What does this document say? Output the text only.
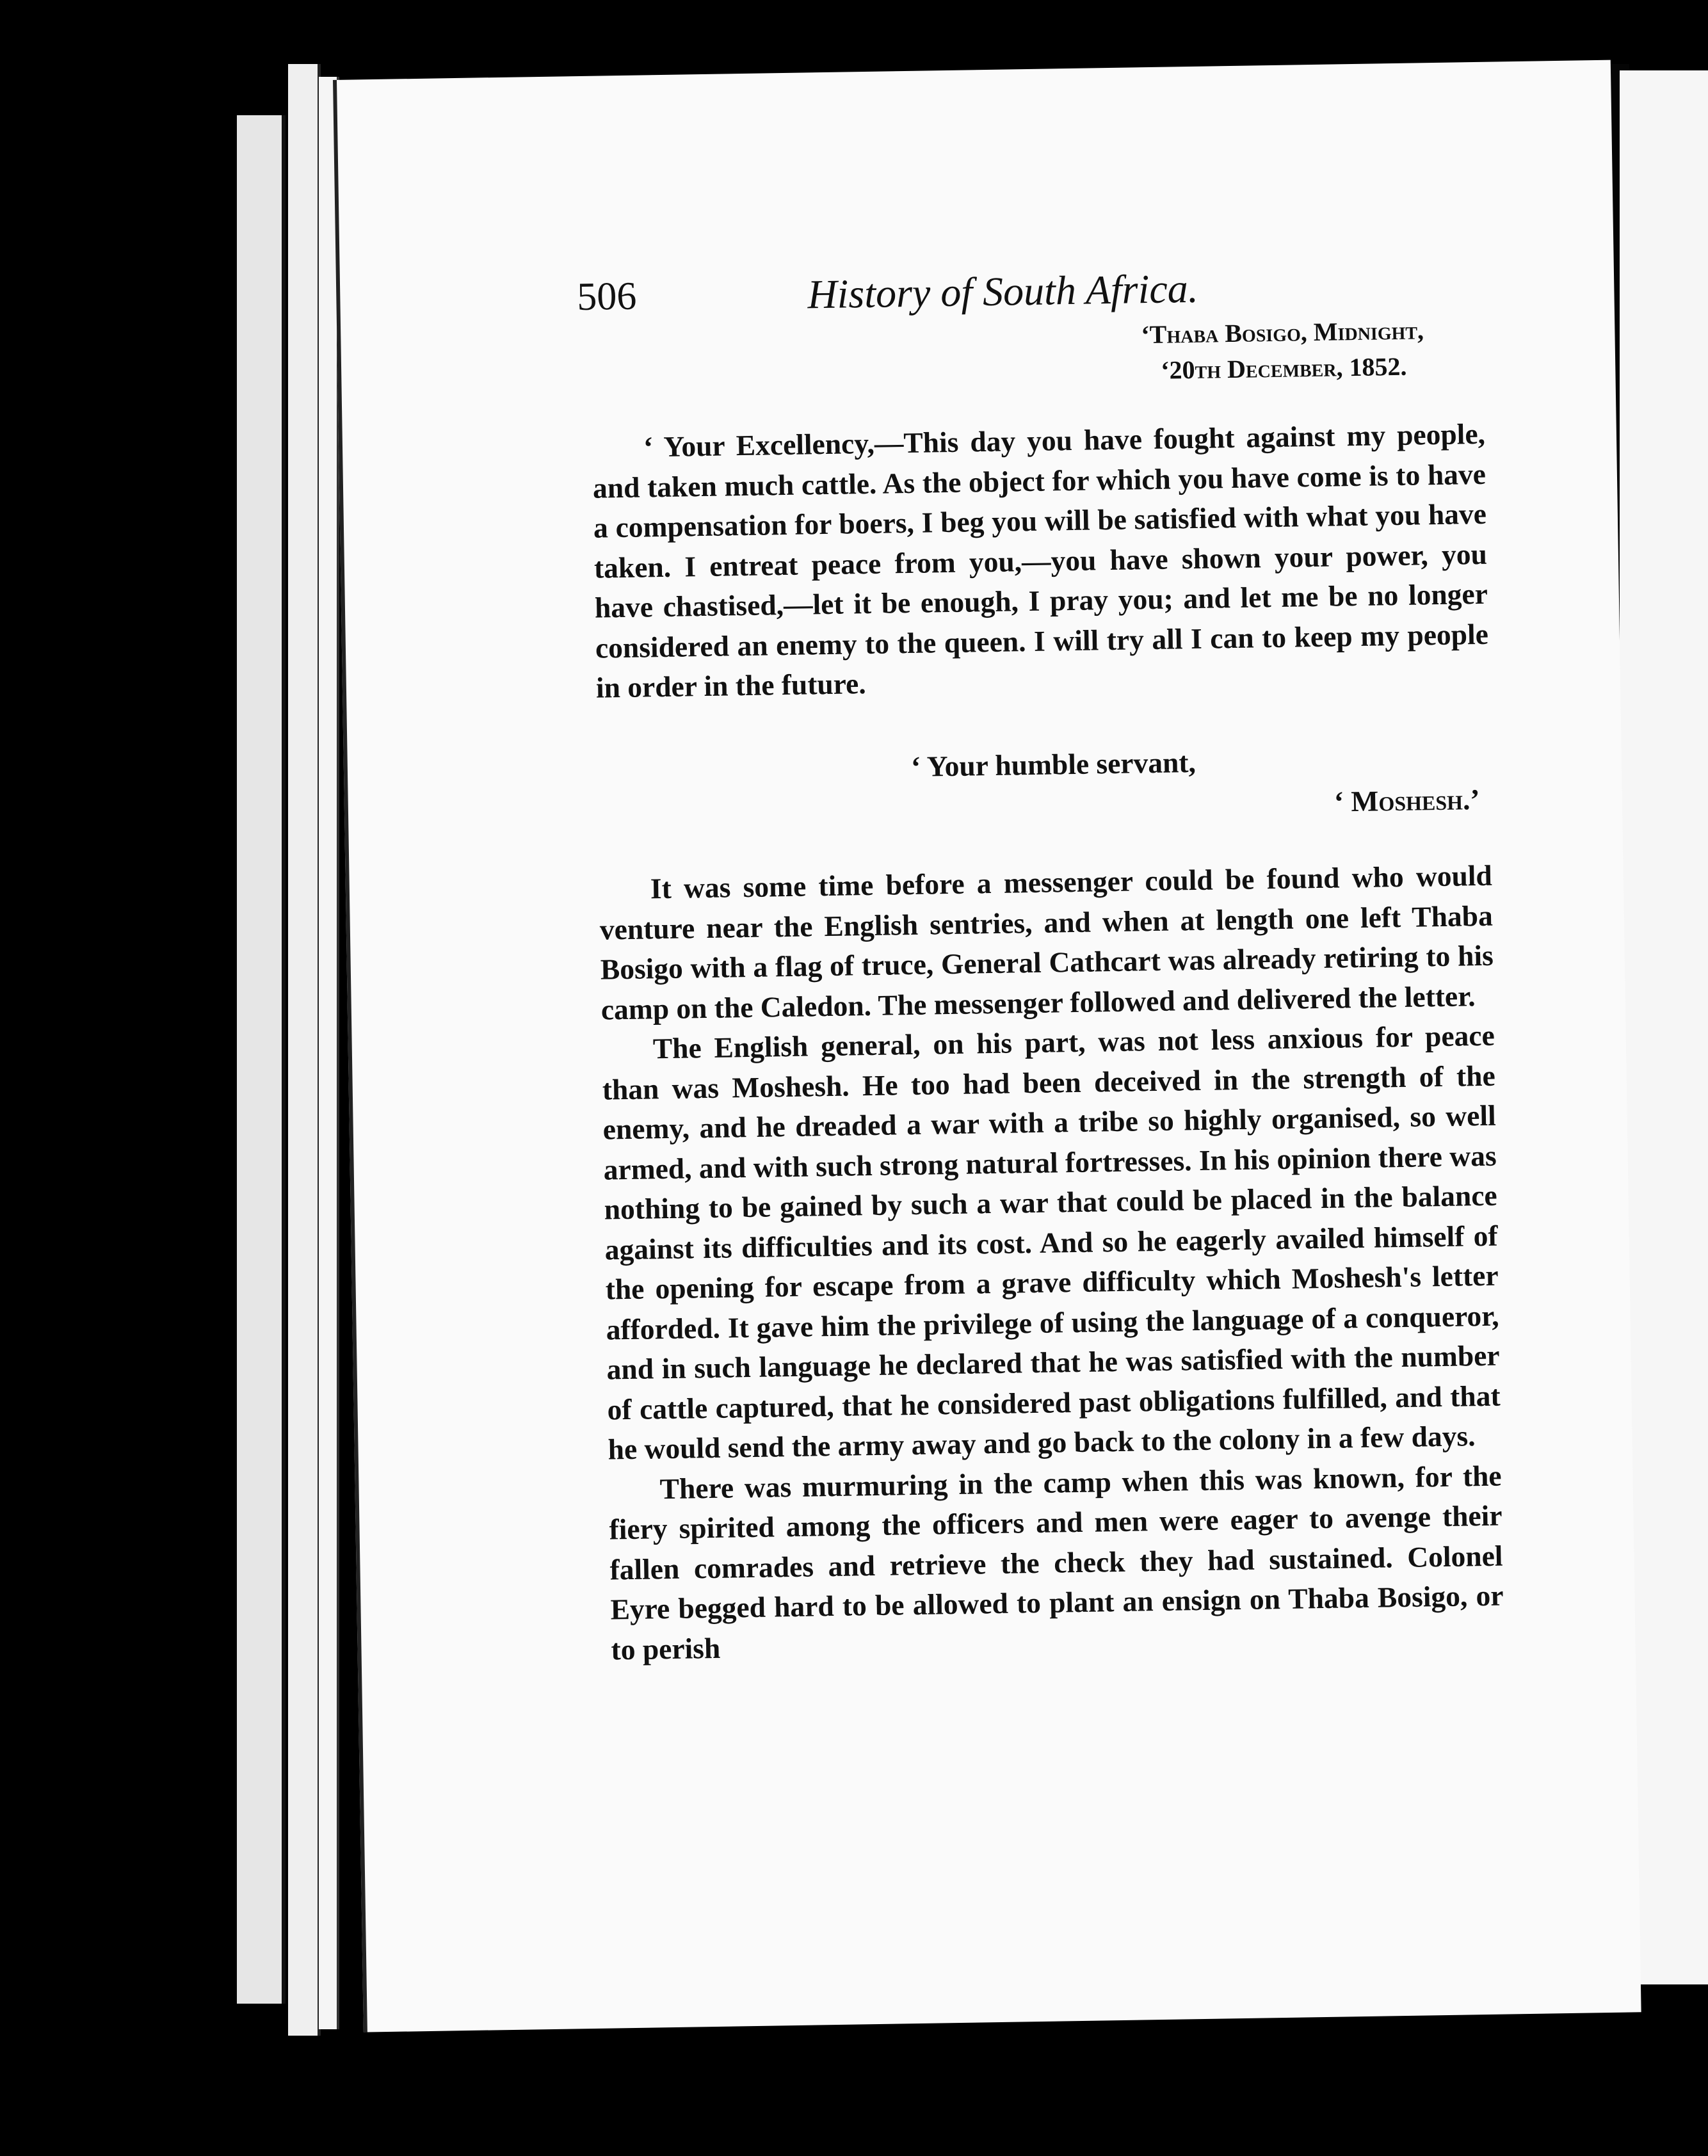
506	History of South Africa.
‘Thaba Bosigo, Midnight,
‘20th December, 1852.

‘ Your Excellency,—This day you have fought against my people, and taken much cattle. As the object for which you have come is to have a compensation for boers, I beg you will be satisfied with what you have taken. I entreat peace from you,—you have shown your power, you have chastised,—let it be enough, I pray you; and let me be no longer considered an enemy to the queen. I will try all I can to keep my people in order in the future.

‘ Your humble servant,
‘ Moshesh.’

It was some time before a messenger could be found who would venture near the English sentries, and when at length one left Thaba Bosigo with a flag of truce, General Cathcart was already retiring to his camp on the Caledon. The messenger followed and delivered the letter.

The English general, on his part, was not less anxious for peace than was Moshesh. He too had been deceived in the strength of the enemy, and he dreaded a war with a tribe so highly organised, so well armed, and with such strong natural fortresses. In his opinion there was nothing to be gained by such a war that could be placed in the balance against its difficulties and its cost. And so he eagerly availed himself of the opening for escape from a grave difficulty which Moshesh's letter afforded. It gave him the privilege of using the language of a conqueror, and in such language he declared that he was satisfied with the number of cattle captured, that he considered past obligations fulfilled, and that he would send the army away and go back to the colony in a few days.

There was murmuring in the camp when this was known, for the fiery spirited among the officers and men were eager to avenge their fallen comrades and retrieve the check they had sustained. Colonel Eyre begged hard to be allowed to plant an ensign on Thaba Bosigo, or to perish
